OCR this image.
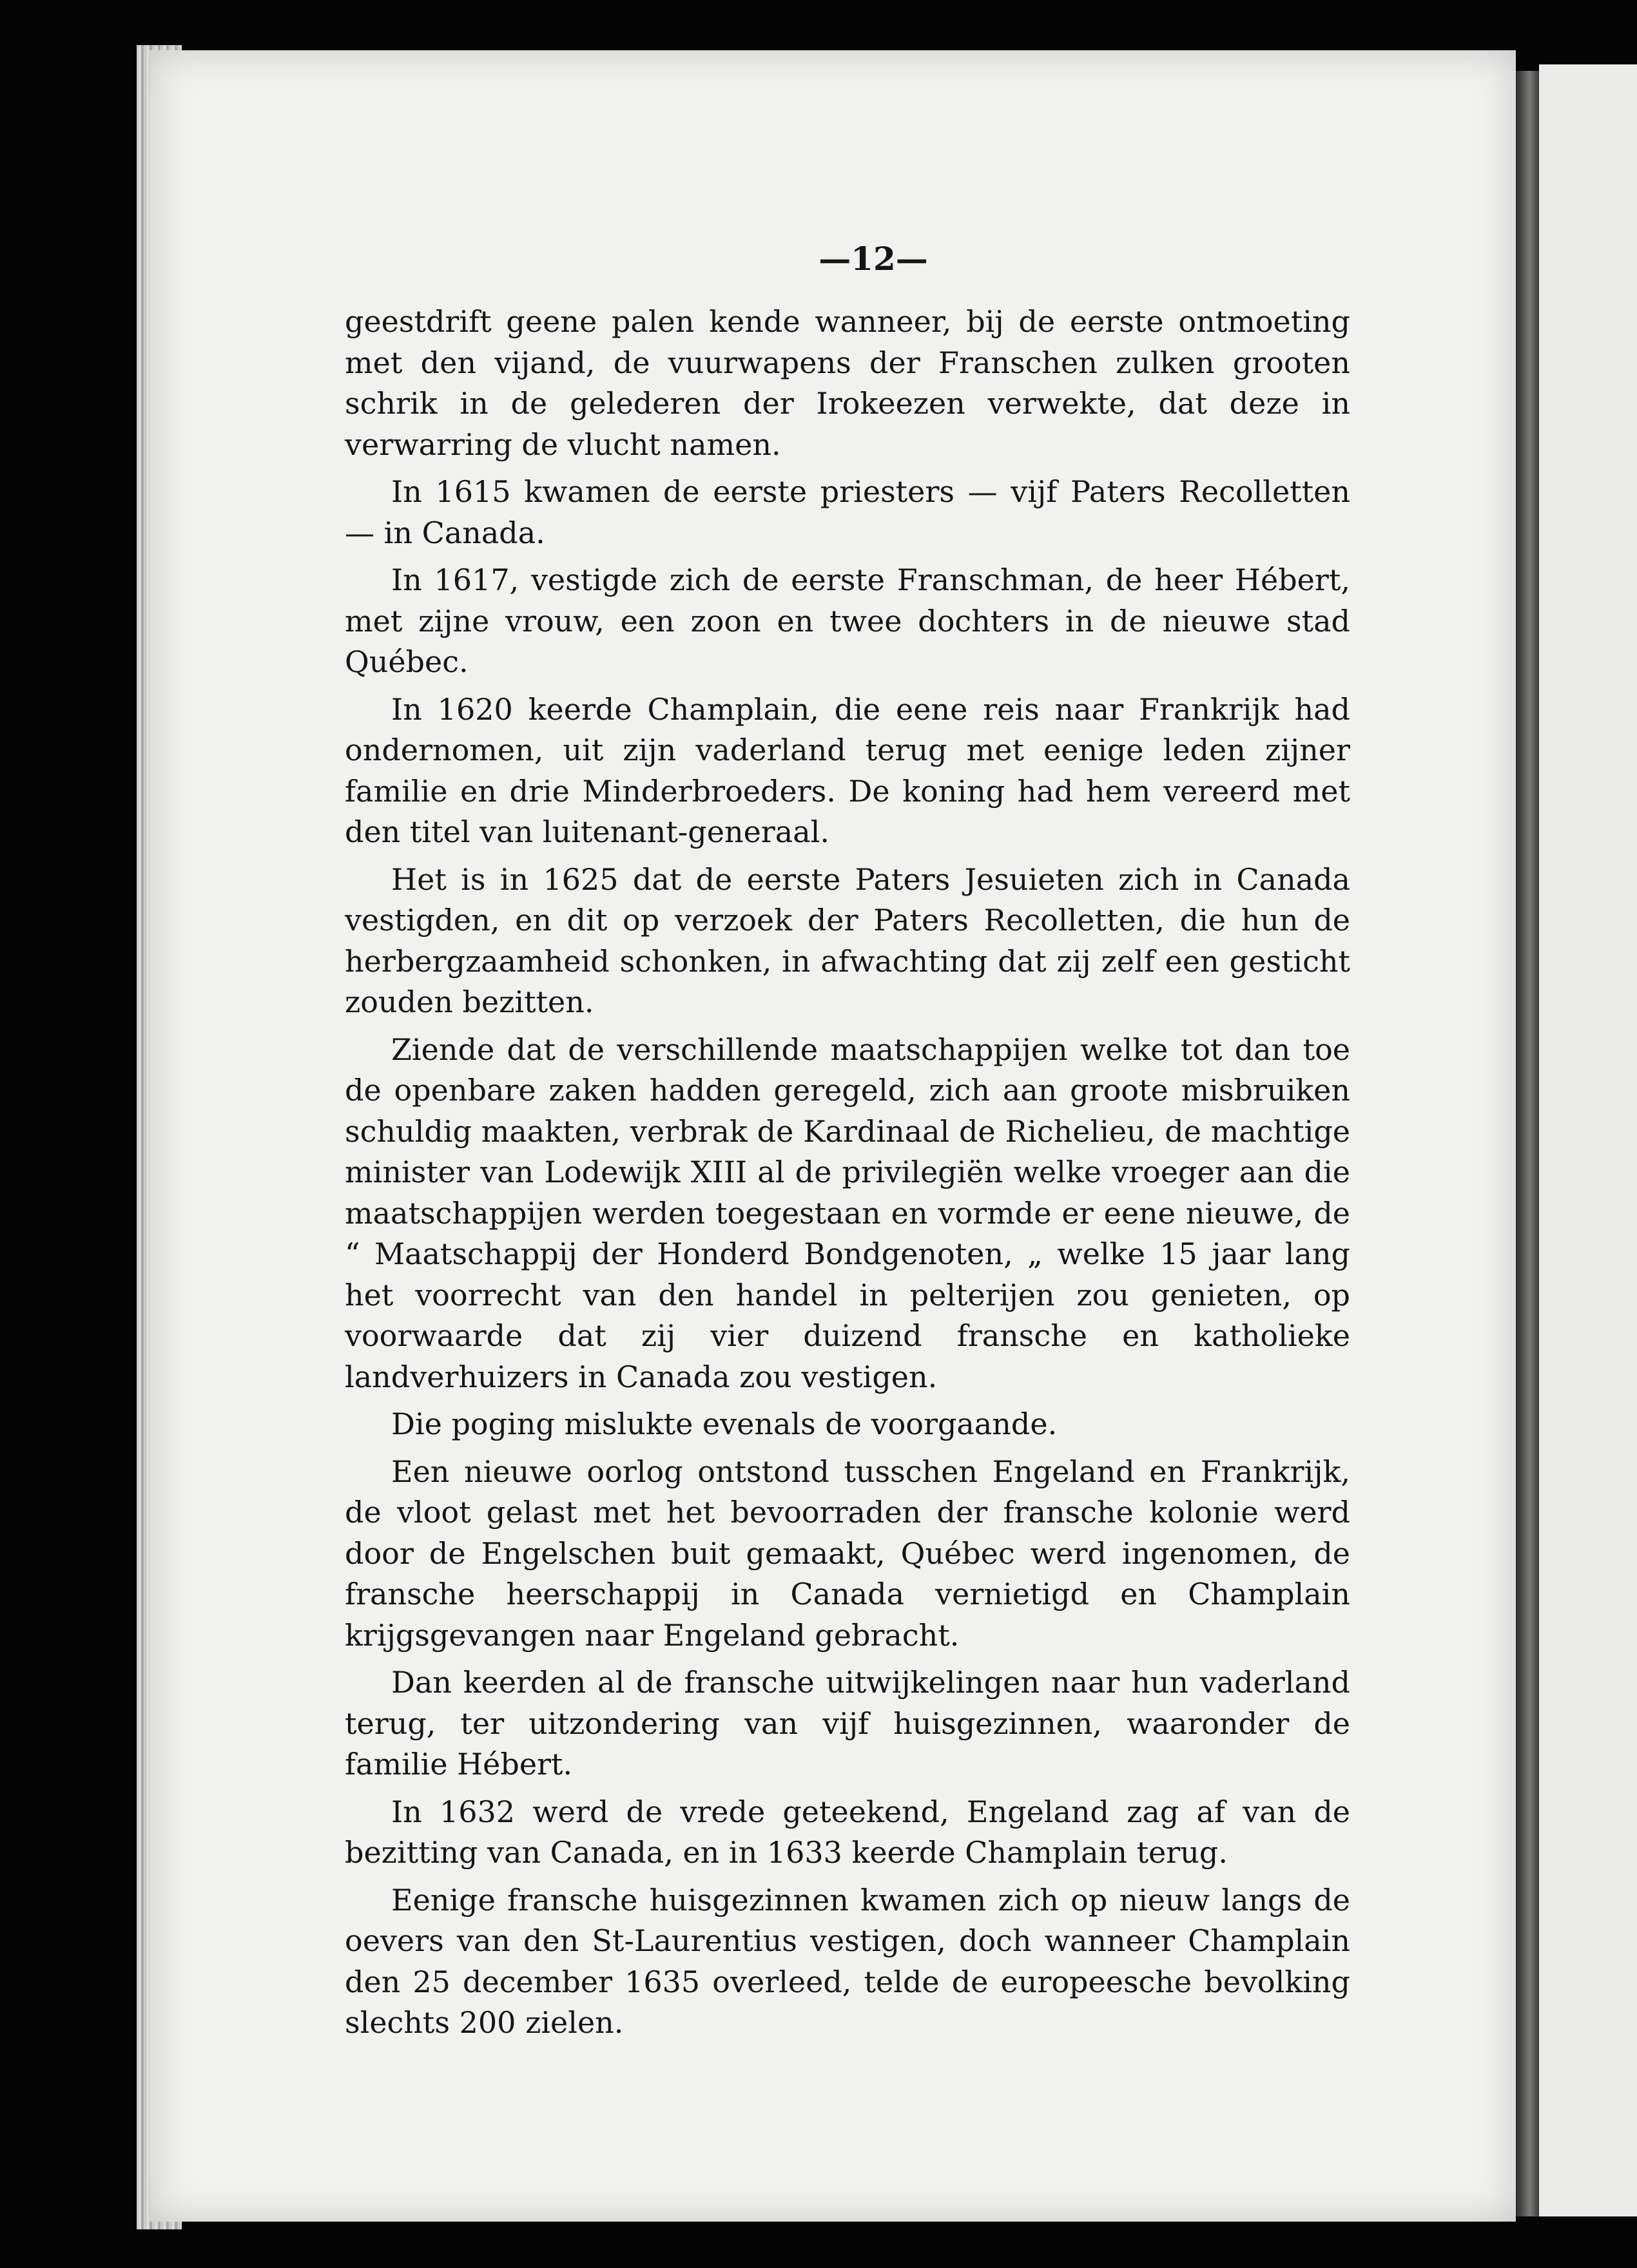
—12—

geestdrift geene palen kende wanneer, bij de eerste ontmoeting met den vijand, de vuurwapens der Franschen zulken grooten schrik in de gelederen der Irokeezen verwekte, dat deze in verwarring de vlucht namen.

In 1615 kwamen de eerste priesters — vijf Paters Recolletten — in Canada.

In 1617, vestigde zich de eerste Franschman, de heer Hébert, met zijne vrouw, een zoon en twee dochters in de nieuwe stad Québec.

In 1620 keerde Champlain, die eene reis naar Frankrijk had ondernomen, uit zijn vaderland terug met eenige leden zijner familie en drie Minderbroeders. De koning had hem vereerd met den titel van luitenant-generaal.

Het is in 1625 dat de eerste Paters Jesuieten zich in Canada vestigden, en dit op verzoek der Paters Recolletten, die hun de herbergzaamheid schonken, in afwachting dat zij zelf een gesticht zouden bezitten.

Ziende dat de verschillende maatschappijen welke tot dan toe de openbare zaken hadden geregeld, zich aan groote misbruiken schuldig maakten, verbrak de Kardinaal de Richelieu, de machtige minister van Lodewijk XIII al de privilegiën welke vroeger aan die maatschappijen werden toegestaan en vormde er eene nieuwe, de “ Maatschappij der Honderd Bondgenoten, „ welke 15 jaar lang het voorrecht van den handel in pelterijen zou genieten, op voorwaarde dat zij vier duizend fransche en katholieke landverhuizers in Canada zou vestigen.

Die poging mislukte evenals de voorgaande.

Een nieuwe oorlog ontstond tusschen Engeland en Frankrijk, de vloot gelast met het bevoorraden der fransche kolonie werd door de Engelschen buit gemaakt, Québec werd ingenomen, de fransche heerschappij in Canada vernietigd en Champlain krijgsgevangen naar Engeland gebracht.

Dan keerden al de fransche uitwijkelingen naar hun vaderland terug, ter uitzondering van vijf huisgezinnen, waaronder de familie Hébert.

In 1632 werd de vrede geteekend, Engeland zag af van de bezitting van Canada, en in 1633 keerde Champlain terug.

Eenige fransche huisgezinnen kwamen zich op nieuw langs de oevers van den St-Laurentius vestigen, doch wanneer Champlain den 25 december 1635 overleed, telde de europeesche bevolking slechts 200 zielen.
